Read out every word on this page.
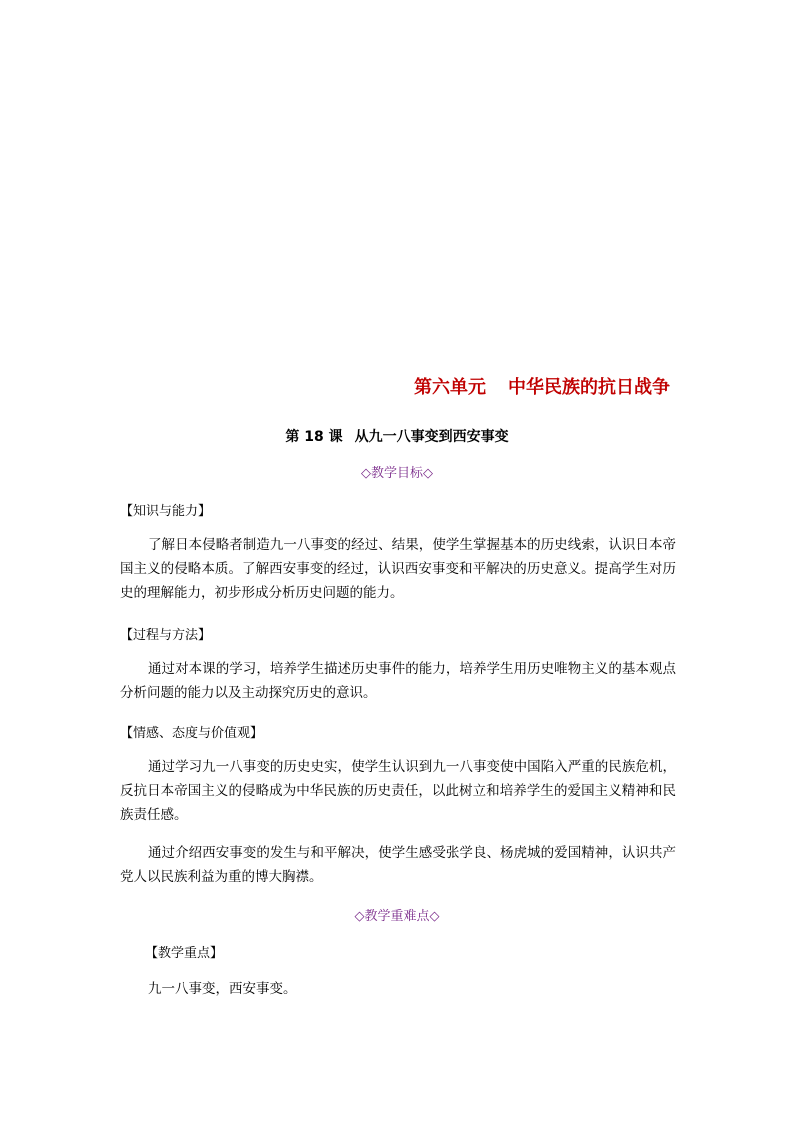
第六单元 中华民族的抗日战争
第 18 课 从九一八事变到西安事变
◇教学目标◇
【知识与能力】
了解日本侵略者制造九一八事变的经过、结果，使学生掌握基本的历史线索，认识日本帝国主义的侵略本质。了解西安事变的经过，认识西安事变和平解决的历史意义。提高学生对历史的理解能力，初步形成分析历史问题的能力。
【过程与方法】
通过对本课的学习，培养学生描述历史事件的能力，培养学生用历史唯物主义的基本观点分析问题的能力以及主动探究历史的意识。
【情感、态度与价值观】
通过学习九一八事变的历史史实，使学生认识到九一八事变使中国陷入严重的民族危机，反抗日本帝国主义的侵略成为中华民族的历史责任，以此树立和培养学生的爱国主义精神和民族责任感。
通过介绍西安事变的发生与和平解决，使学生感受张学良、杨虎城的爱国精神，认识共产党人以民族利益为重的博大胸襟。
◇教学重难点◇
【教学重点】
九一八事变，西安事变。
